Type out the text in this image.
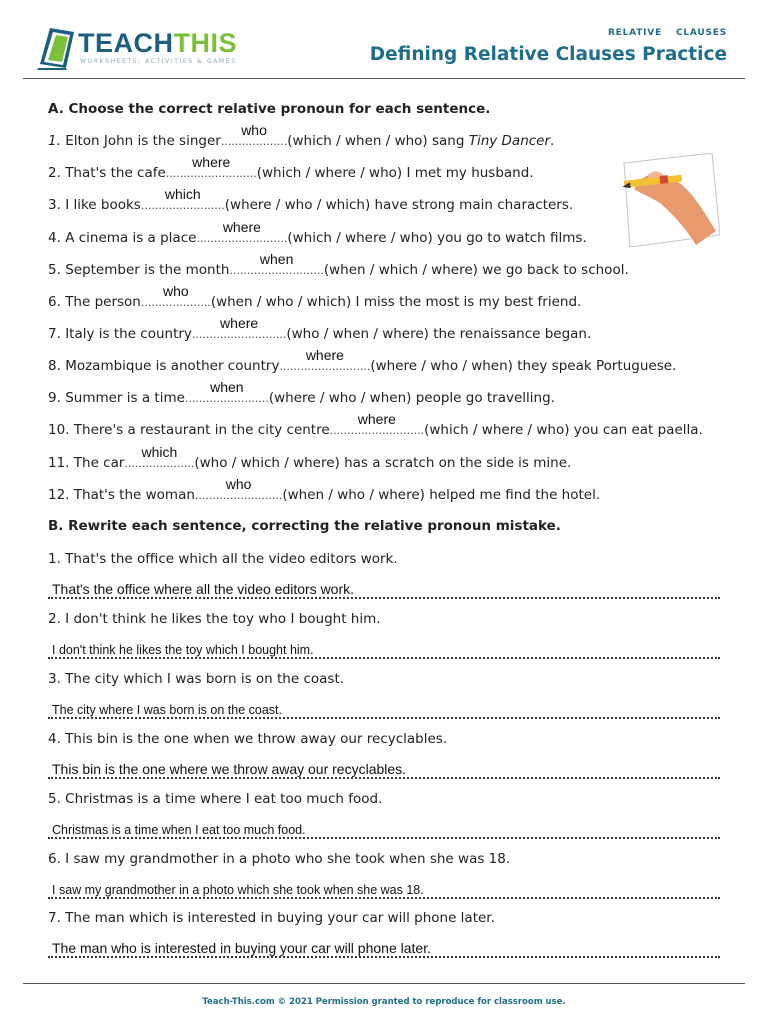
TEACHTHIS
WORKSHEETS, ACTIVITIES & GAMES
RELATIVE CLAUSES
Defining Relative Clauses Practice
A. Choose the correct relative pronoun for each sentence.
1. Elton John is the singer...................
who
(which / when / who) sang Tiny Dancer.
2. That's the cafe..........................
where
(which / where / who) I met my husband.
3. I like books........................
which
(where / who / which) have strong main characters.
4. A cinema is a place..........................
where
(which / where / who) you go to watch films.
5. September is the month...........................
when
(when / which / where) we go back to school.
6. The person....................
who
(when / who / which) I miss the most is my best friend.
7. Italy is the country...........................
where
(who / when / where) the renaissance began.
8. Mozambique is another country..........................
where
(where / who / when) they speak Portuguese.
9. Summer is a time........................
when
(where / who / when) people go travelling.
10. There's a restaurant in the city centre...........................
where
(which / where / who) you can eat paella.
11. The car....................
which
(who / which / where) has a scratch on the side is mine.
12. That's the woman.........................
who
(when / who / where) helped me find the hotel.
B. Rewrite each sentence, correcting the relative pronoun mistake.
1. That's the office which all the video editors work.
That's the office where all the video editors work.
2. I don't think he likes the toy who I bought him.
I don't think he likes the toy which I bought him.
3. The city which I was born is on the coast.
The city where I was born is on the coast.
4. This bin is the one when we throw away our recyclables.
This bin is the one where we throw away our recyclables.
5. Christmas is a time where I eat too much food.
Christmas is a time when I eat too much food.
6. I saw my grandmother in a photo who she took when she was 18.
I saw my grandmother in a photo which she took when she was 18.
7. The man which is interested in buying your car will phone later.
The man who is interested in buying your car will phone later.
Teach-This.com © 2021 Permission granted to reproduce for classroom use.
